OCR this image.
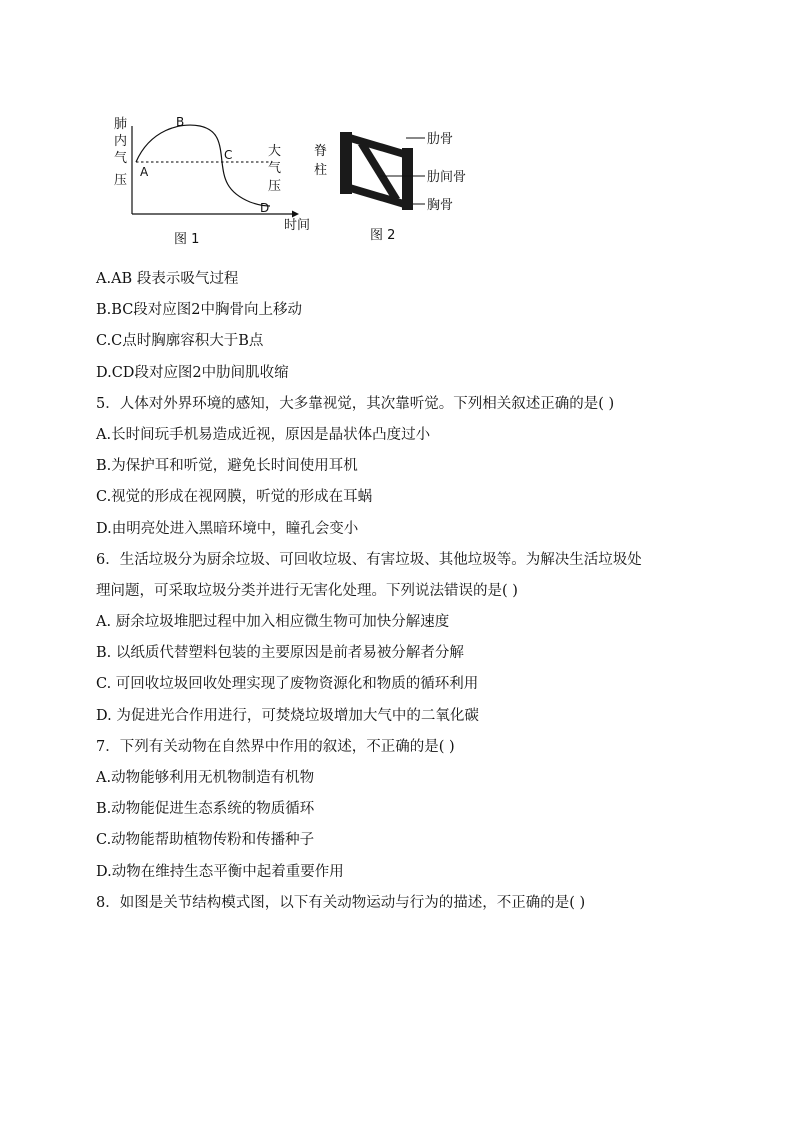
肺
内
气
压
A
B
C
D
大
气
压
时间
图 1
脊
柱
肋骨
肋间骨
胸骨
图 2
A.AB 段表示吸气过程
B.BC段对应图2中胸骨向上移动
C.C点时胸廓容积大于B点
D.CD段对应图2中肋间肌收缩
5．人体对外界环境的感知，大多靠视觉，其次靠听觉。下列相关叙述正确的是( )
A.长时间玩手机易造成近视，原因是晶状体凸度过小
B.为保护耳和听觉，避免长时间使用耳机
C.视觉的形成在视网膜，听觉的形成在耳蜗
D.由明亮处进入黑暗环境中，瞳孔会变小
6．生活垃圾分为厨余垃圾、可回收垃圾、有害垃圾、其他垃圾等。为解决生活垃圾处
理问题，可采取垃圾分类并进行无害化处理。下列说法错误的是( )
A. 厨余垃圾堆肥过程中加入相应微生物可加快分解速度
B. 以纸质代替塑料包装的主要原因是前者易被分解者分解
C. 可回收垃圾回收处理实现了废物资源化和物质的循环利用
D. 为促进光合作用进行，可焚烧垃圾增加大气中的二氧化碳
7．下列有关动物在自然界中作用的叙述，不正确的是( )
A.动物能够利用无机物制造有机物
B.动物能促进生态系统的物质循环
C.动物能帮助植物传粉和传播种子
D.动物在维持生态平衡中起着重要作用
8．如图是关节结构模式图，以下有关动物运动与行为的描述，不正确的是( )
